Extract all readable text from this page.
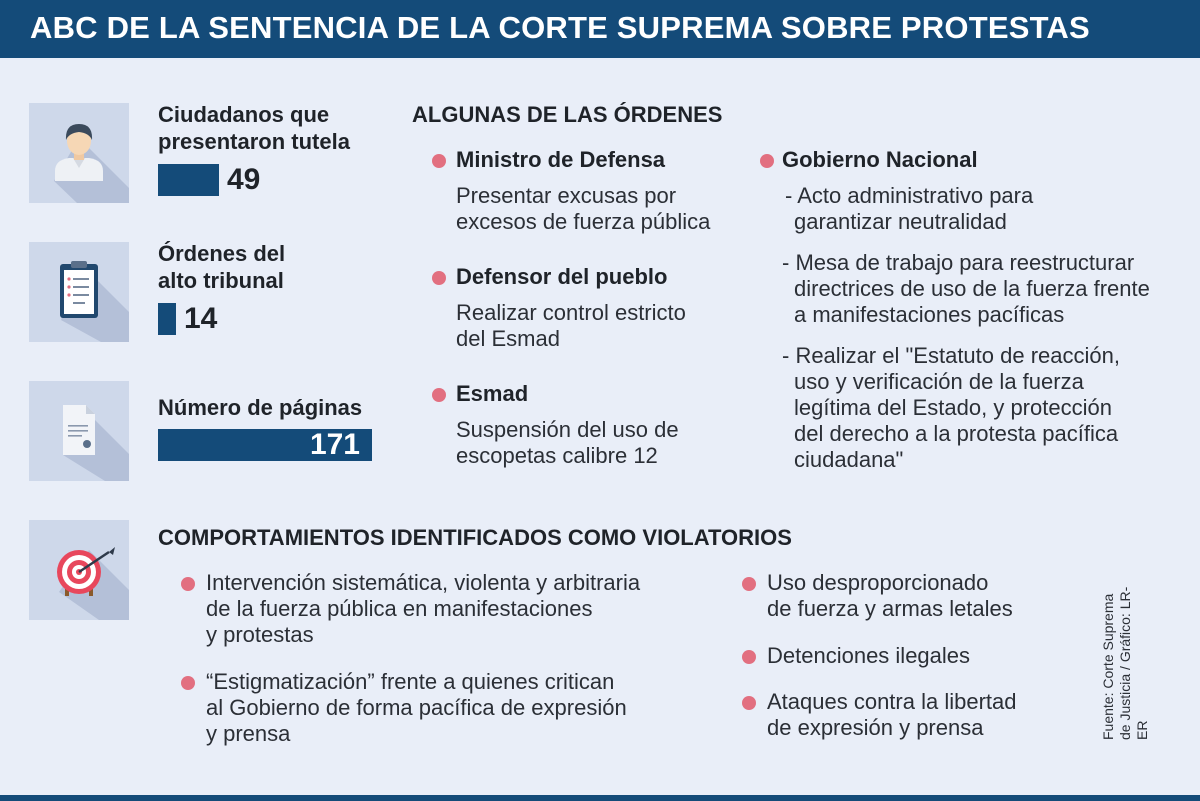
ABC DE LA SENTENCIA DE LA CORTE SUPREMA SOBRE PROTESTAS
Ciudadanos que
presentaron tutela
Órdenes del
alto tribunal
Número de páginas
49
14
171
ALGUNAS DE LAS ÓRDENES
Ministro de Defensa
Presentar excusas por
excesos de fuerza pública
Defensor del pueblo
Realizar control estricto
del Esmad
Esmad
Suspensión del uso de
escopetas calibre 12
Gobierno Nacional
- Acto administrativo para
garantizar neutralidad
- Mesa de trabajo para reestructurar
directrices de uso de la fuerza frente
a manifestaciones pacíficas
- Realizar el "Estatuto de reacción,
uso y verificación de la fuerza
legítima del Estado, y protección
del derecho a la protesta pacífica
ciudadana"
COMPORTAMIENTOS IDENTIFICADOS COMO VIOLATORIOS
Intervención sistemática, violenta y arbitraria
de la fuerza pública en manifestaciones
y protestas
“Estigmatización” frente a quienes critican
al Gobierno de forma pacífica de expresión
y prensa
Uso desproporcionado
de fuerza y armas letales
Detenciones ilegales
Ataques contra la libertad
de expresión y prensa	Fuente: Corte Suprema de Justicia / Gráfico: LR-ER
